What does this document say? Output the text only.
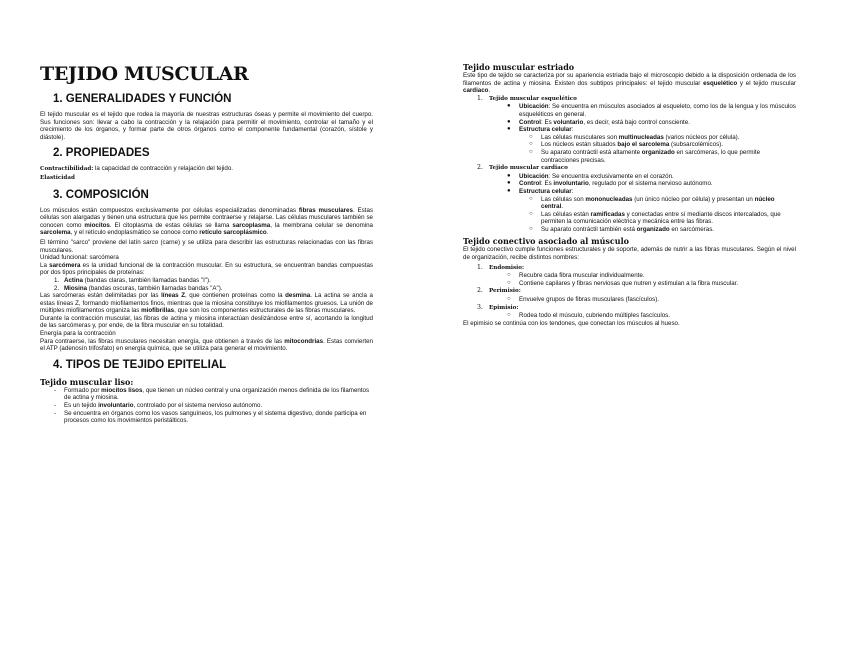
TEJIDO MUSCULAR
1. GENERALIDADES Y FUNCIÓN

El tejido muscular es el tejido que rodea la mayoría de nuestras estructuras óseas y permite el movimiento del cuerpo. Sus funciones son: llevar a cabo la contracción y la relajación para permitir el movimiento, controlar el tamaño y el crecimiento de los órganos, y formar parte de otros órganos como el componente fundamental (corazón, sístole y diástole).

2. PROPIEDADES

Contractibilidad: la capacidad de contracción y relajación del tejido.

Elasticidad

3. COMPOSICIÓN

Los músculos están compuestos exclusivamente por células especializadas denominadas fibras musculares. Estas células son alargadas y tienen una estructura que les permite contraerse y relajarse. Las células musculares también se conocen como miocitos. El citoplasma de estas células se llama sarcoplasma, la membrana celular se denomina sarcolema, y el retículo endoplasmático se conoce como retículo sarcoplásmico.

El término "sarco" proviene del latín sarco (carne) y se utiliza para describir las estructuras relacionadas con las fibras musculares.

Unidad funcional: sarcómera

La sarcómera es la unidad funcional de la contracción muscular. En su estructura, se encuentran bandas compuestas por dos tipos principales de proteínas:

1. Actina (bandas claras, también llamadas bandas "I").
2. Miosina (bandas oscuras, también llamadas bandas "A").

Las sarcómeras están delimitadas por las líneas Z, que contienen proteínas como la desmina. La actina se ancla a estas líneas Z, formando miofilamentos finos, mientras que la miosina constituye los miofilamentos gruesos. La unión de múltiples miofilamentos organiza las miofibrillas, que son los componentes estructurales de las fibras musculares.

Durante la contracción muscular, las fibras de actina y miosina interactúan deslizándose entre sí, acortando la longitud de las sarcómeras y, por ende, de la fibra muscular en su totalidad.

Energía para la contracción

Para contraerse, las fibras musculares necesitan energía, que obtienen a través de las mitocondrias. Estas convierten el ATP (adenosín trifosfato) en energía química, que se utiliza para generar el movimiento.

4. TIPOS DE TEJIDO EPITELIAL
Tejido muscular liso:
- Formado por miocitos lisos, que tienen un núcleo central y una organización menos definida de los filamentos de actina y miosina.
- Es un tejido involuntario, controlado por el sistema nervioso autónomo.
- Se encuentra en órganos como los vasos sanguíneos, los pulmones y el sistema digestivo, donde participa en procesos como los movimientos peristálticos.
Tejido muscular estriado

Este tipo de tejido se caracteriza por su apariencia estriada bajo el microscopio debido a la disposición ordenada de los filamentos de actina y miosina. Existen dos subtipos principales: el tejido muscular esquelético y el tejido muscular cardiaco.

1. Tejido muscular esquelético
● Ubicación: Se encuentra en músculos asociados al esqueleto, como los de la lengua y los músculos esqueléticos en general.
● Control: Es voluntario, es decir, está bajo control consciente.
● Estructura celular:
○ Las células musculares son multinucleadas (varios núcleos por célula).
○ Los núcleos están situados bajo el sarcolema (subsarcolémicos).
○ Su aparato contráctil está altamente organizado en sarcómeras, lo que permite contracciones precisas.
2. Tejido muscular cardiaco
● Ubicación: Se encuentra exclusivamente en el corazón.
● Control: Es involuntario, regulado por el sistema nervioso autónomo.
● Estructura celular:
○ Las células son mononucleadas (un único núcleo por célula) y presentan un núcleo central.
○ Las células están ramificadas y conectadas entre sí mediante discos intercalados, que permiten la comunicación eléctrica y mecánica entre las fibras.
○ Su aparato contráctil también está organizado en sarcómeras.
Tejido conectivo asociado al músculo

El tejido conectivo cumple funciones estructurales y de soporte, además de nutrir a las fibras musculares. Según el nivel de organización, recibe distintos nombres:

1. Endomisio:
○ Recubre cada fibra muscular individualmente.
○ Contiene capilares y fibras nerviosas que nutren y estimulan a la fibra muscular.
2. Perimisio:
○ Envuelve grupos de fibras musculares (fascículos).
3. Epimisio:
○ Rodea todo el músculo, cubriendo múltiples fascículos.

El epimisio se continúa con los tendones, que conectan los músculos al hueso.
